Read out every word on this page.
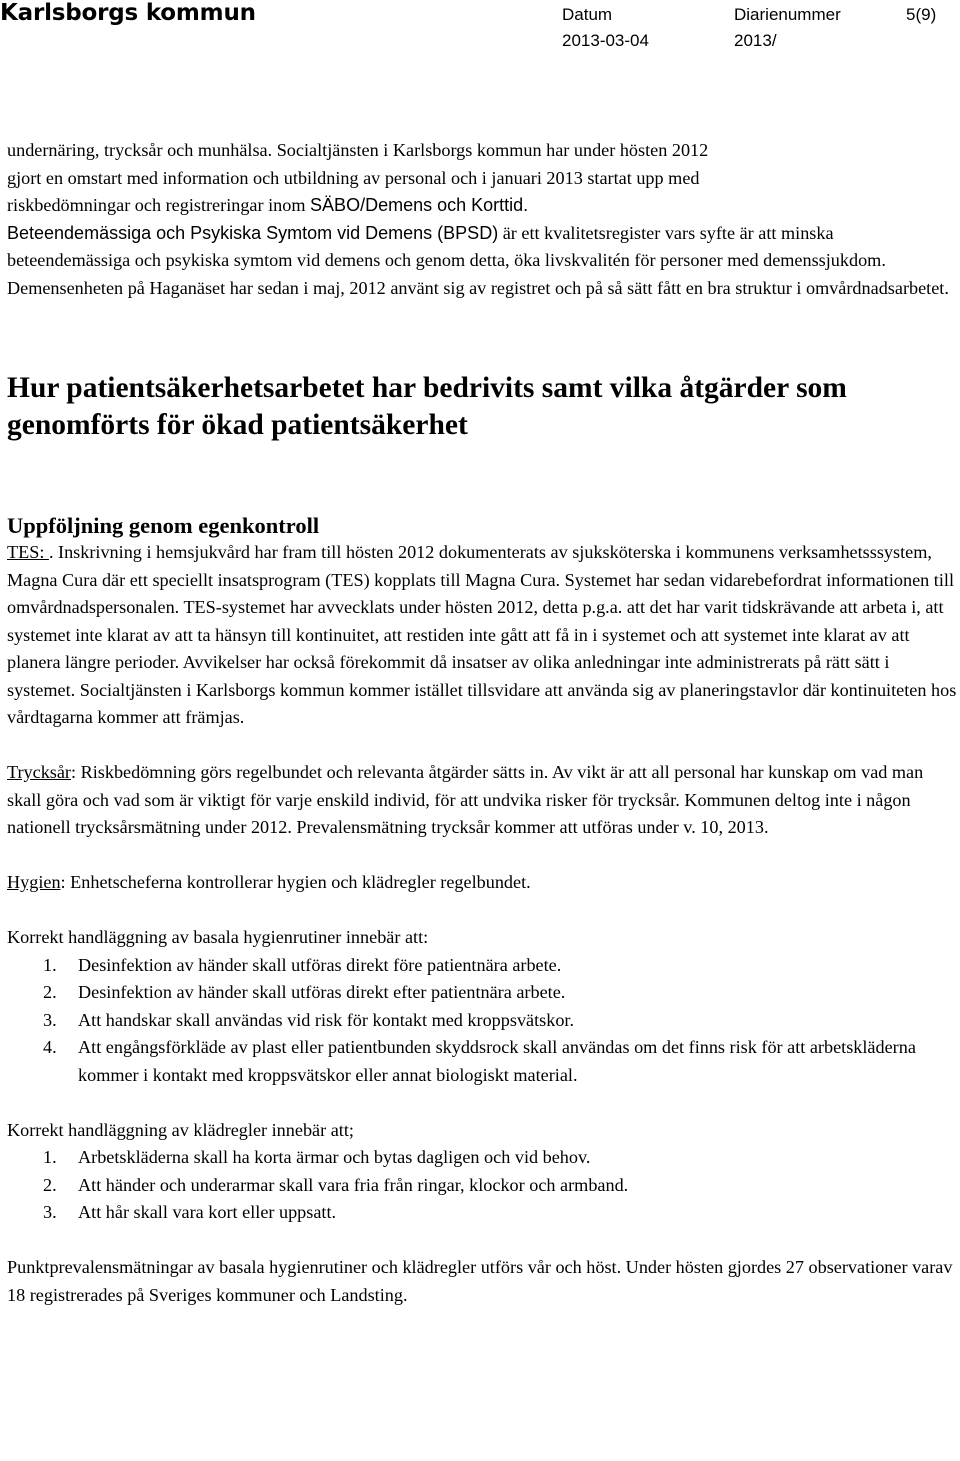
Karlsborgs kommun	Datum
2013-03-04
Diarienummer
2013/
5(9)

undernäring, trycksår och munhälsa. Socialtjänsten i Karlsborgs kommun har under hösten 2012
gjort en omstart med information och utbildning av personal och i januari 2013 startat upp med
riskbedömningar och registreringar inom SÄBO/Demens och Korttid.
Beteendemässiga och Psykiska Symtom vid Demens (BPSD) är ett kvalitetsregister vars syfte är att minska beteendemässiga och psykiska symtom vid demens och genom detta, öka livskvalitén för personer med demenssjukdom. Demensenheten på Haganäset har sedan i maj, 2012 använt sig av registret och på så sätt fått en bra struktur i omvårdnadsarbetet.

Hur patientsäkerhetsarbetet har bedrivits samt vilka åtgärder som genomförts för ökad patientsäkerhet

Uppföljning genom egenkontroll

TES: . Inskrivning i hemsjukvård har fram till hösten 2012 dokumenterats av sjuksköterska i kommunens verksamhetsssystem, Magna Cura där ett speciellt insatsprogram (TES) kopplats till Magna Cura. Systemet har sedan vidarebefordrat informationen till omvårdnadspersonalen. TES-systemet har avvecklats under hösten 2012, detta p.g.a. att det har varit tidskrävande att arbeta i, att systemet inte klarat av att ta hänsyn till kontinuitet, att restiden inte gått att få in i systemet och att systemet inte klarat av att planera längre perioder. Avvikelser har också förekommit då insatser av olika anledningar inte administrerats på rätt sätt i systemet. Socialtjänsten i Karlsborgs kommun kommer istället tillsvidare att använda sig av planeringstavlor där kontinuiteten hos vårdtagarna kommer att främjas.

Trycksår: Riskbedömning görs regelbundet och relevanta åtgärder sätts in. Av vikt är att all personal har kunskap om vad man skall göra och vad som är viktigt för varje enskild individ, för att undvika risker för trycksår. Kommunen deltog inte i någon nationell trycksårsmätning under 2012. Prevalensmätning trycksår kommer att utföras under v. 10, 2013.

Hygien: Enhetscheferna kontrollerar hygien och klädregler regelbundet.

Korrekt handläggning av basala hygienrutiner innebär att:

1. Desinfektion av händer skall utföras direkt före patientnära arbete.
2. Desinfektion av händer skall utföras direkt efter patientnära arbete.
3. Att handskar skall användas vid risk för kontakt med kroppsvätskor.
4. Att engångsförkläde av plast eller patientbunden skyddsrock skall användas om det finns risk för att arbetskläderna kommer i kontakt med kroppsvätskor eller annat biologiskt material.

Korrekt handläggning av klädregler innebär att;

1. Arbetskläderna skall ha korta ärmar och bytas dagligen och vid behov.
2. Att händer och underarmar skall vara fria från ringar, klockor och armband.
3. Att hår skall vara kort eller uppsatt.

Punktprevalensmätningar av basala hygienrutiner och klädregler utförs vår och höst. Under hösten gjordes 27 observationer varav 18 registrerades på Sveriges kommuner och Landsting.
